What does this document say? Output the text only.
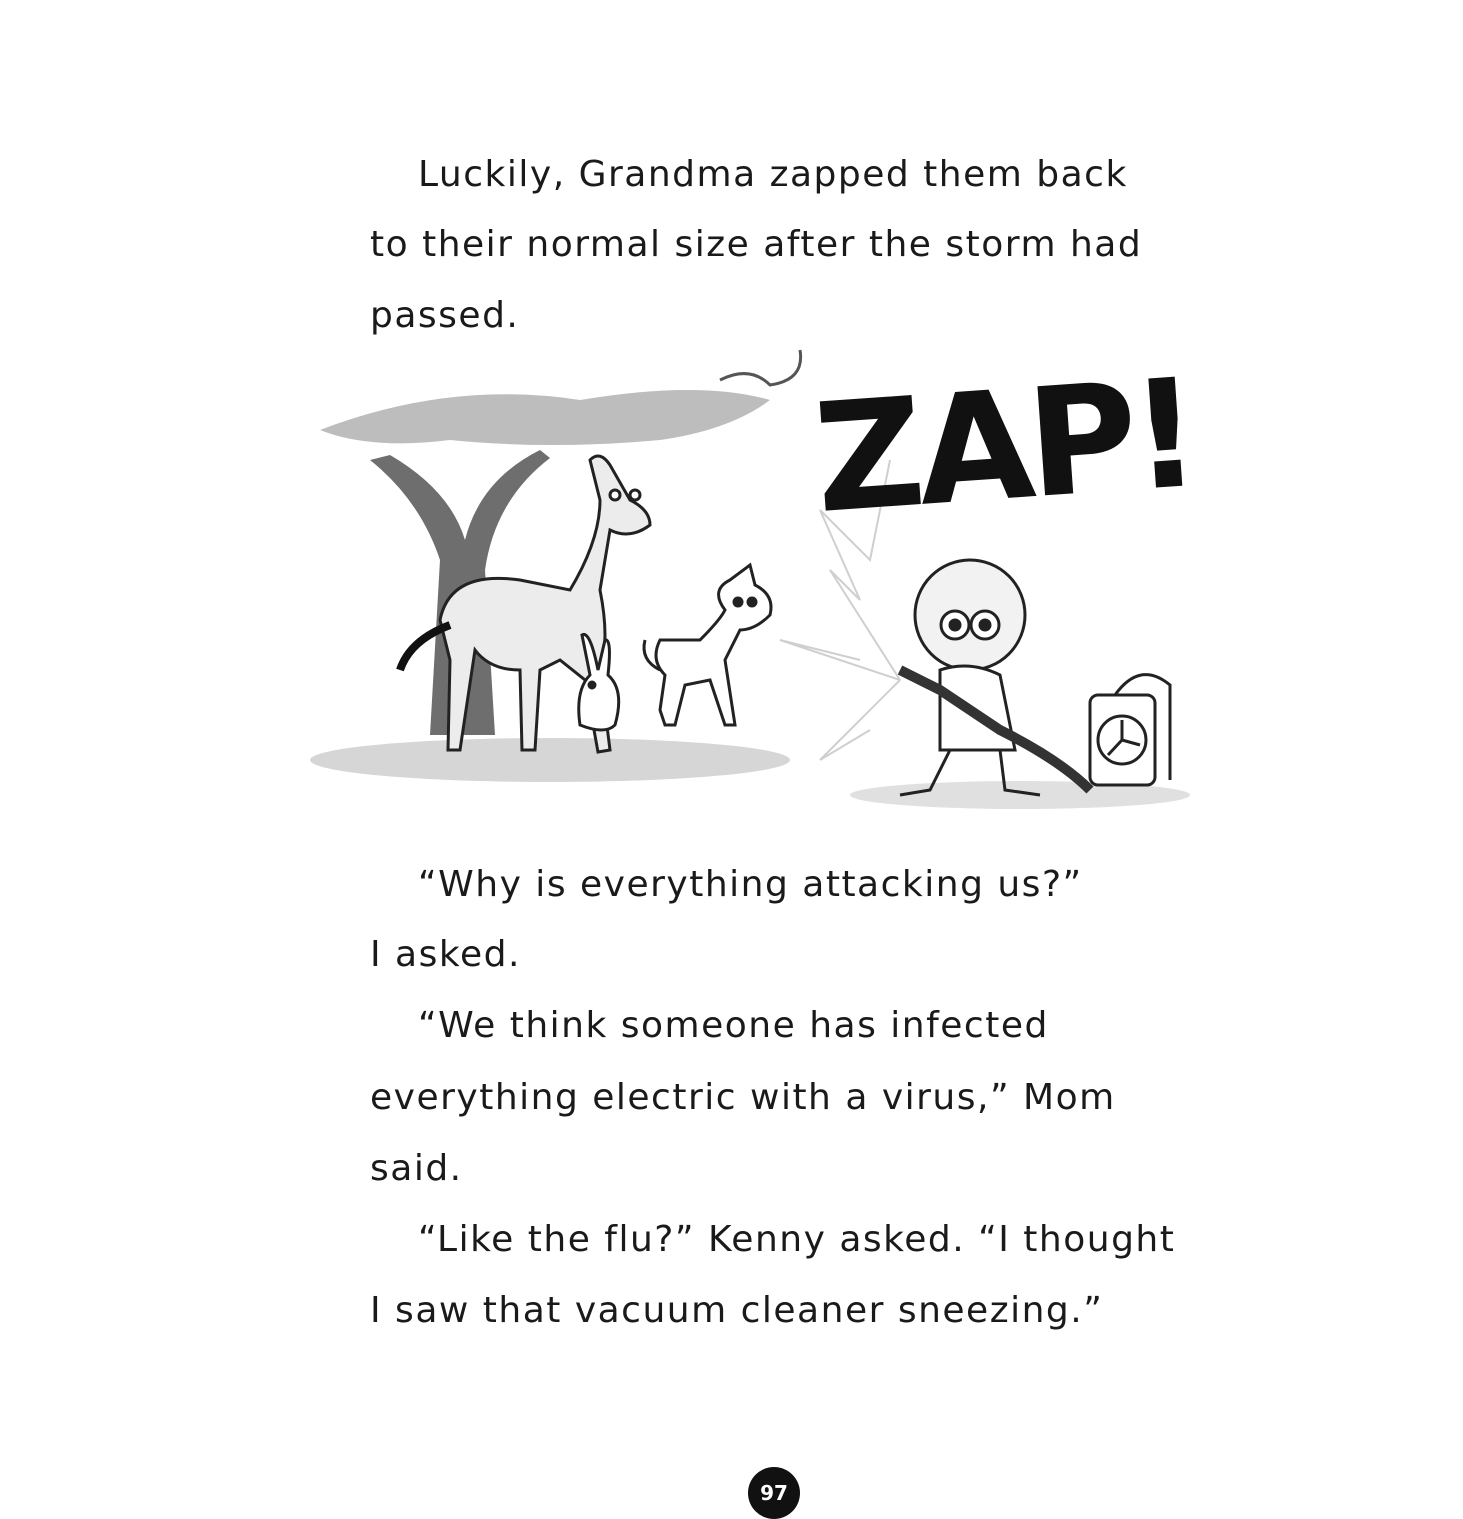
Luckily, Grandma zapped them back

to their normal size after the storm had

passed.

ZAP!

“Why is everything attacking us?”

I asked.

“We think someone has infected

everything electric with a virus,” Mom

said.

“Like the flu?” Kenny asked. “I thought

I saw that vacuum cleaner sneezing.”

97
